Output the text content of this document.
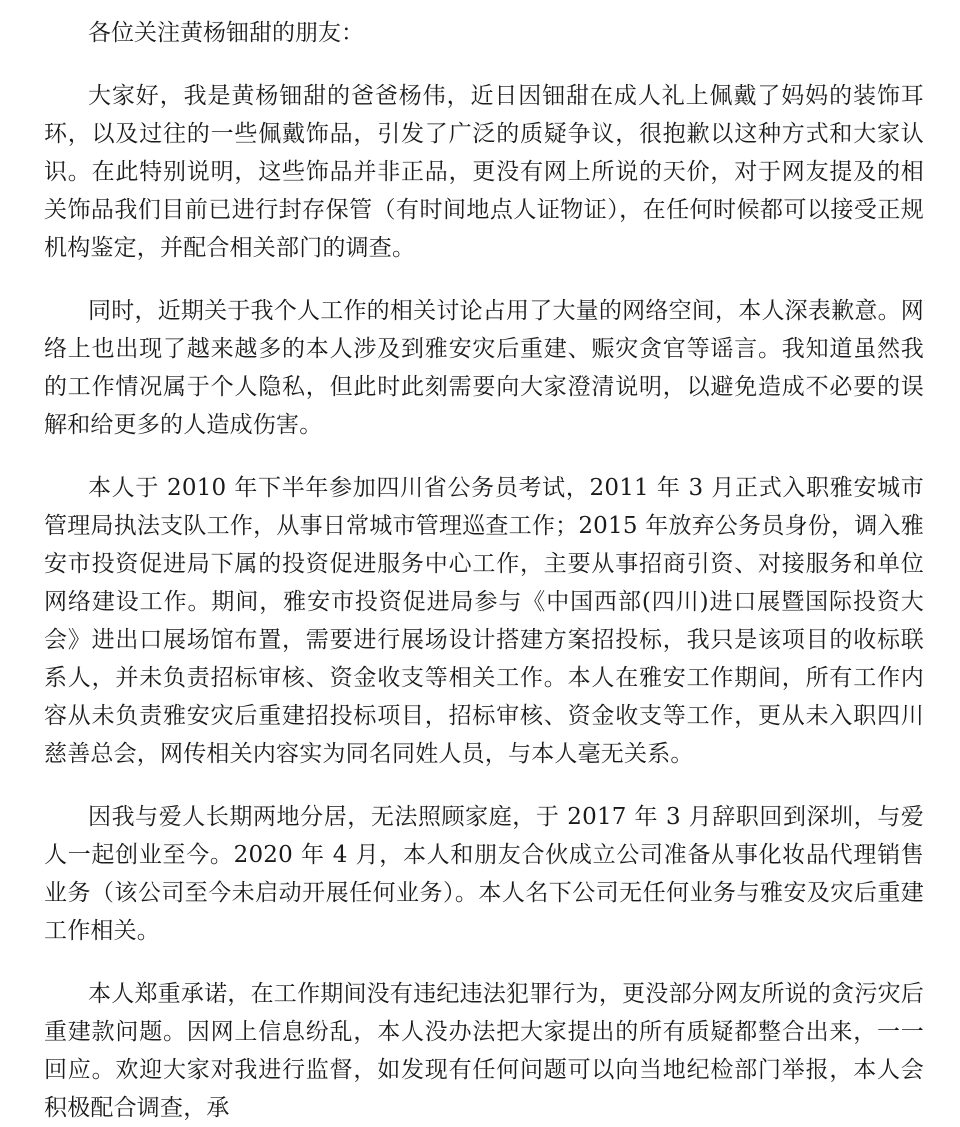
各位关注黄杨钿甜的朋友：

大家好，我是黄杨钿甜的爸爸杨伟，近日因钿甜在成人礼上佩戴了妈妈的装饰耳环，以及过往的一些佩戴饰品，引发了广泛的质疑争议，很抱歉以这种方式和大家认识。在此特别说明，这些饰品并非正品，更没有网上所说的天价，对于网友提及的相关饰品我们目前已进行封存保管（有时间地点人证物证），在任何时候都可以接受正规机构鉴定，并配合相关部门的调查。

同时，近期关于我个人工作的相关讨论占用了大量的网络空间，本人深表歉意。网络上也出现了越来越多的本人涉及到雅安灾后重建、赈灾贪官等谣言。我知道虽然我的工作情况属于个人隐私，但此时此刻需要向大家澄清说明，以避免造成不必要的误解和给更多的人造成伤害。

本人于 2010 年下半年参加四川省公务员考试，2011 年 3 月正式入职雅安城市管理局执法支队工作，从事日常城市管理巡查工作；2015 年放弃公务员身份，调入雅安市投资促进局下属的投资促进服务中心工作，主要从事招商引资、对接服务和单位网络建设工作。期间，雅安市投资促进局参与《中国西部(四川)进口展暨国际投资大会》进出口展场馆布置，需要进行展场设计搭建方案招投标，我只是该项目的收标联系人，并未负责招标审核、资金收支等相关工作。本人在雅安工作期间，所有工作内容从未负责雅安灾后重建招投标项目，招标审核、资金收支等工作，更从未入职四川慈善总会，网传相关内容实为同名同姓人员，与本人毫无关系。

因我与爱人长期两地分居，无法照顾家庭，于 2017 年 3 月辞职回到深圳，与爱人一起创业至今。2020 年 4 月，本人和朋友合伙成立公司准备从事化妆品代理销售业务（该公司至今未启动开展任何业务）。本人名下公司无任何业务与雅安及灾后重建工作相关。

本人郑重承诺，在工作期间没有违纪违法犯罪行为，更没部分网友所说的贪污灾后重建款问题。因网上信息纷乱，本人没办法把大家提出的所有质疑都整合出来，一一回应。欢迎大家对我进行监督，如发现有任何问题可以向当地纪检部门举报，本人会积极配合调查，承
